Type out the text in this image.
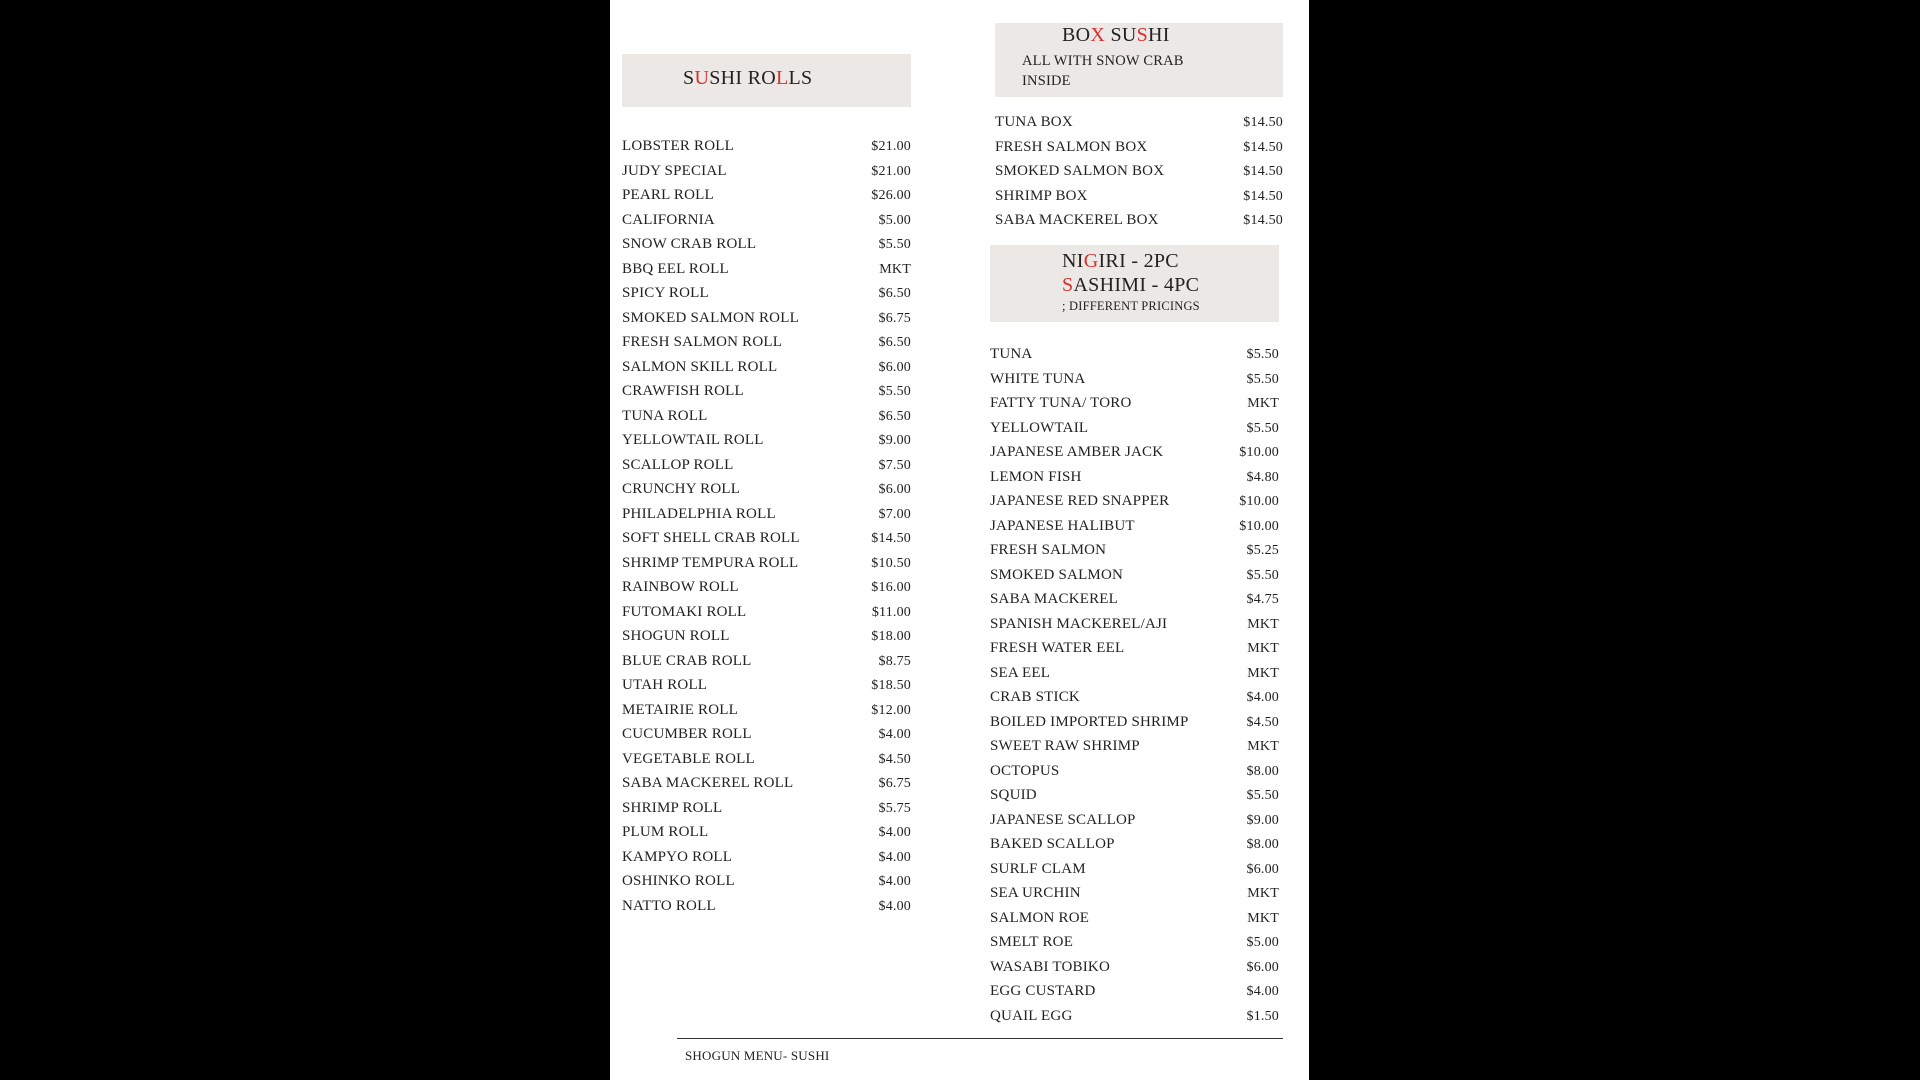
SUSHI ROLLS
LOBSTER ROLL	$21.00
JUDY SPECIAL	$21.00
PEARL ROLL	$26.00
CALIFORNIA	$5.00
SNOW CRAB ROLL	$5.50
BBQ EEL ROLL	MKT
SPICY ROLL	$6.50
SMOKED SALMON ROLL	$6.75
FRESH SALMON ROLL	$6.50
SALMON SKILL ROLL	$6.00
CRAWFISH ROLL	$5.50
TUNA ROLL	$6.50
YELLOWTAIL ROLL	$9.00
SCALLOP ROLL	$7.50
CRUNCHY ROLL	$6.00
PHILADELPHIA ROLL	$7.00
SOFT SHELL CRAB ROLL	$14.50
SHRIMP TEMPURA ROLL	$10.50
RAINBOW ROLL	$16.00
FUTOMAKI ROLL	$11.00
SHOGUN ROLL	$18.00
BLUE CRAB ROLL	$8.75
UTAH ROLL	$18.50
METAIRIE ROLL	$12.00
CUCUMBER ROLL	$4.00
VEGETABLE ROLL	$4.50
SABA MACKEREL ROLL	$6.75
SHRIMP ROLL	$5.75
PLUM ROLL	$4.00
KAMPYO ROLL	$4.00
OSHINKO ROLL	$4.00
NATTO ROLL	$4.00
BOX SUSHI
ALL WITH SNOW CRAB
INSIDE
TUNA BOX	$14.50
FRESH SALMON BOX	$14.50
SMOKED SALMON BOX	$14.50
SHRIMP BOX	$14.50
SABA MACKEREL BOX	$14.50
NIGIRI - 2PC
SASHIMI - 4PC
; DIFFERENT PRICINGS
TUNA	$5.50
WHITE TUNA	$5.50
FATTY TUNA/ TORO	MKT
YELLOWTAIL	$5.50
JAPANESE AMBER JACK	$10.00
LEMON FISH	$4.80
JAPANESE RED SNAPPER	$10.00
JAPANESE HALIBUT	$10.00
FRESH SALMON	$5.25
SMOKED SALMON	$5.50
SABA MACKEREL	$4.75
SPANISH MACKEREL/AJI	MKT
FRESH WATER EEL	MKT
SEA EEL	MKT
CRAB STICK	$4.00
BOILED IMPORTED SHRIMP	$4.50
SWEET RAW SHRIMP	MKT
OCTOPUS	$8.00
SQUID	$5.50
JAPANESE SCALLOP	$9.00
BAKED SCALLOP	$8.00
SURLF CLAM	$6.00
SEA URCHIN	MKT
SALMON ROE	MKT
SMELT ROE	$5.00
WASABI TOBIKO	$6.00
EGG CUSTARD	$4.00
QUAIL EGG	$1.50
SHOGUN MENU- SUSHI
